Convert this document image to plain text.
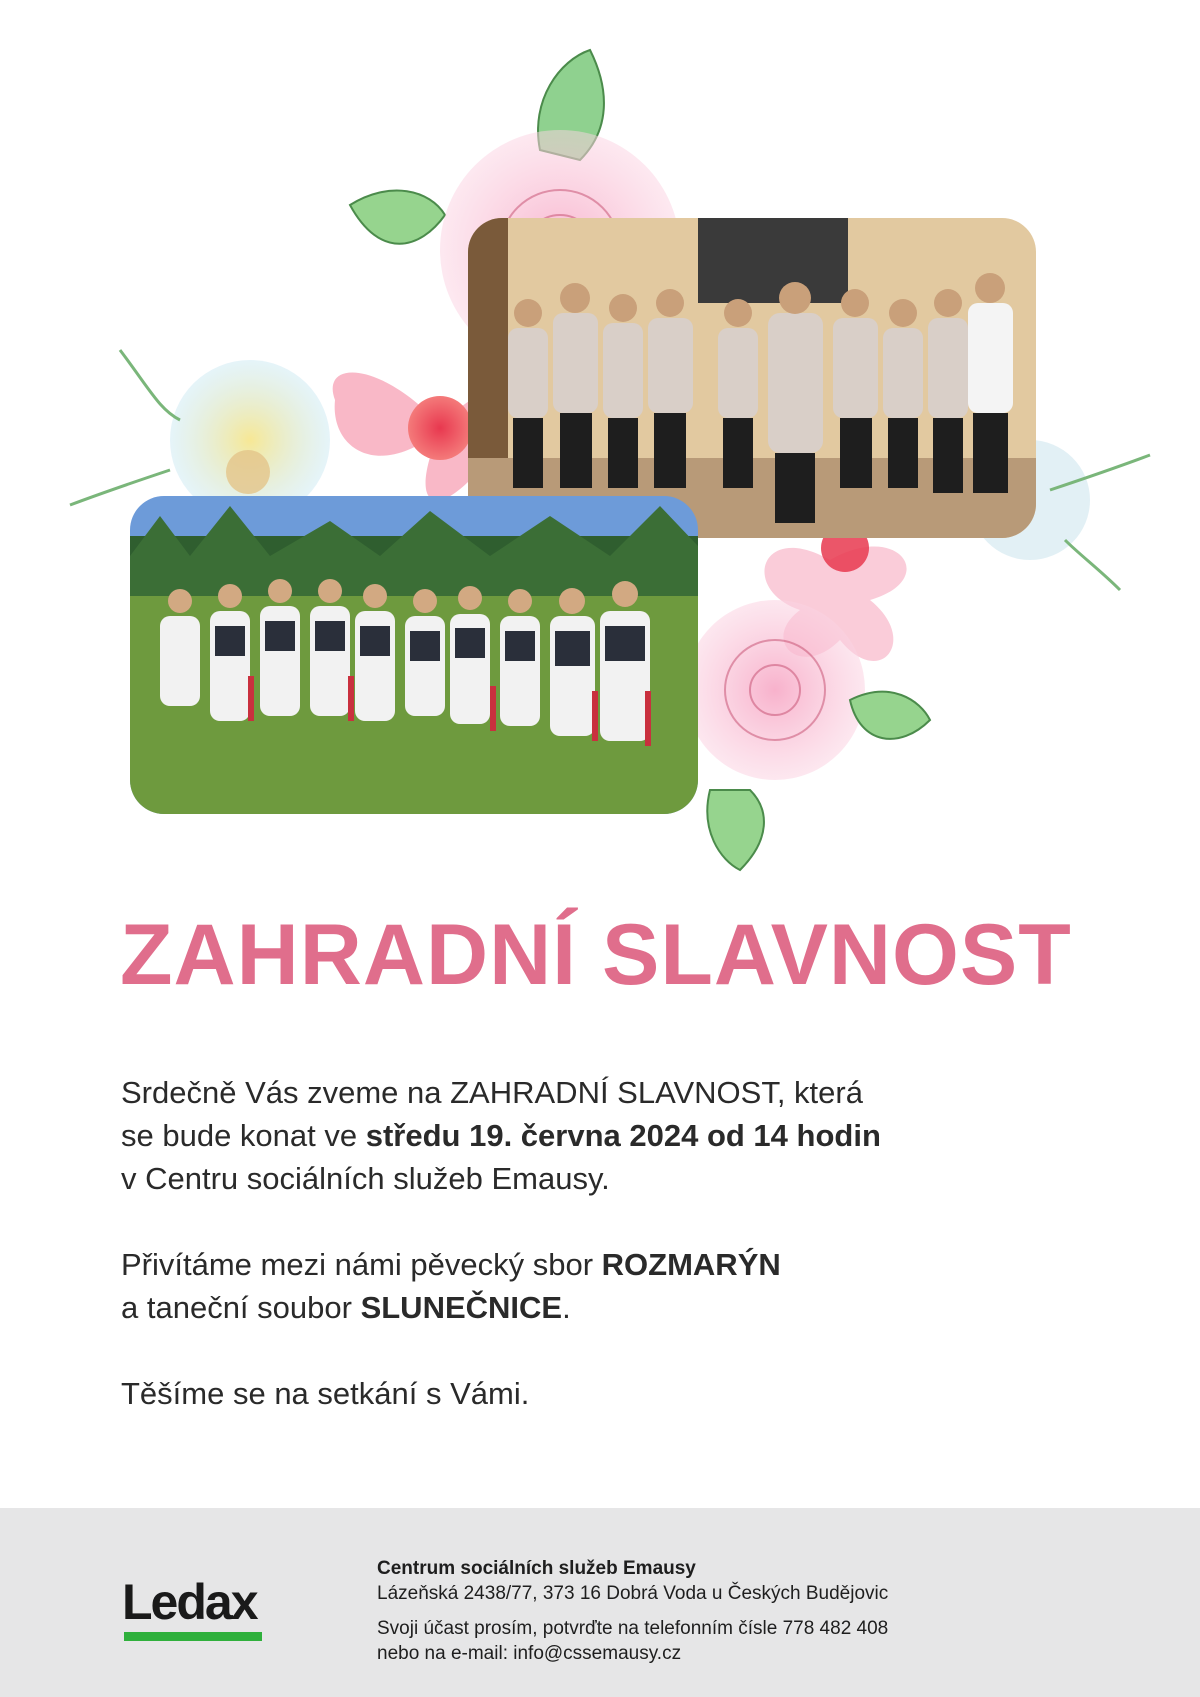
ZAHRADNÍ SLAVNOST

Srdečně Vás zveme na ZAHRADNÍ SLAVNOST, která
se bude konat ve středu 19. června 2024 od 14 hodin
v Centru sociálních služeb Emausy.

Přivítáme mezi námi pěvecký sbor ROZMARÝN
a taneční soubor SLUNEČNICE.

Těšíme se na setkání s Vámi.

Ledax
Centrum sociálních služeb Emausy
Lázeňská 2438/77, 373 16 Dobrá Voda u Českých Budějovic
Svoji účast prosím, potvrďte na telefonním čísle 778 482 408
nebo na e-mail: info@cssemausy.cz
